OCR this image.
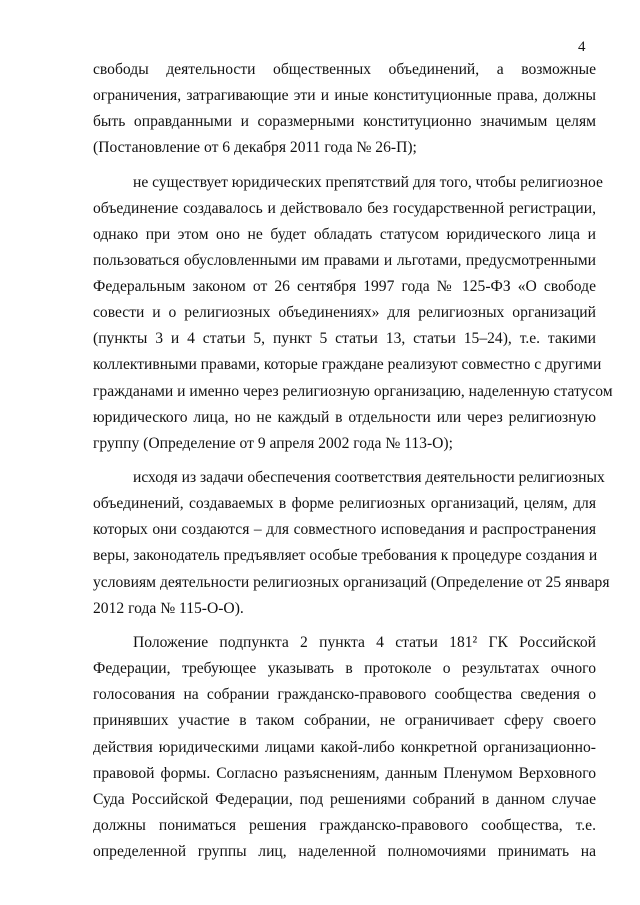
4
свободы деятельности общественных объединений, а возможные
ограничения, затрагивающие эти и иные конституционные права, должны
быть оправданными и соразмерными конституционно значимым целям
(Постановление от 6 декабря 2011 года № 26-П);
не существует юридических препятствий для того, чтобы религиозное
объединение создавалось и действовало без государственной регистрации,
однако при этом оно не будет обладать статусом юридического лица и
пользоваться обусловленными им правами и льготами, предусмотренными
Федеральным законом от 26 сентября 1997 года № 125-ФЗ «О свободе
совести и о религиозных объединениях» для религиозных организаций
(пункты 3 и 4 статьи 5, пункт 5 статьи 13, статьи 15–24), т.е. такими
коллективными правами, которые граждане реализуют совместно с другими
гражданами и именно через религиозную организацию, наделенную статусом
юридического лица, но не каждый в отдельности или через религиозную
группу (Определение от 9 апреля 2002 года № 113-О);
исходя из задачи обеспечения соответствия деятельности религиозных
объединений, создаваемых в форме религиозных организаций, целям, для
которых они создаются – для совместного исповедания и распространения
веры, законодатель предъявляет особые требования к процедуре создания и
условиям деятельности религиозных организаций (Определение от 25 января
2012 года № 115-О-О).
Положение подпункта 2 пункта 4 статьи 181² ГК Российской
Федерации, требующее указывать в протоколе о результатах очного
голосования на собрании гражданско-правового сообщества сведения о
принявших участие в таком собрании, не ограничивает сферу своего
действия юридическими лицами какой-либо конкретной организационно-
правовой формы. Согласно разъяснениям, данным Пленумом Верховного
Суда Российской Федерации, под решениями собраний в данном случае
должны пониматься решения гражданско-правового сообщества, т.е.
определенной группы лиц, наделенной полномочиями принимать на
